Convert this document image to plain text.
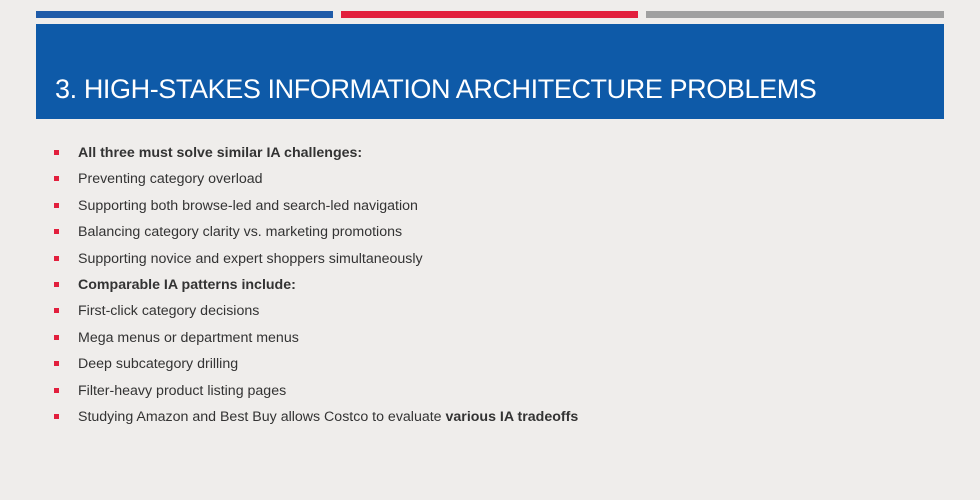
3. HIGH-STAKES INFORMATION ARCHITECTURE PROBLEMS
All three must solve similar IA challenges:
Preventing category overload
Supporting both browse-led and search-led navigation
Balancing category clarity vs. marketing promotions
Supporting novice and expert shoppers simultaneously
Comparable IA patterns include:
First-click category decisions
Mega menus or department menus
Deep subcategory drilling
Filter-heavy product listing pages
Studying Amazon and Best Buy allows Costco to evaluate various IA tradeoffs
